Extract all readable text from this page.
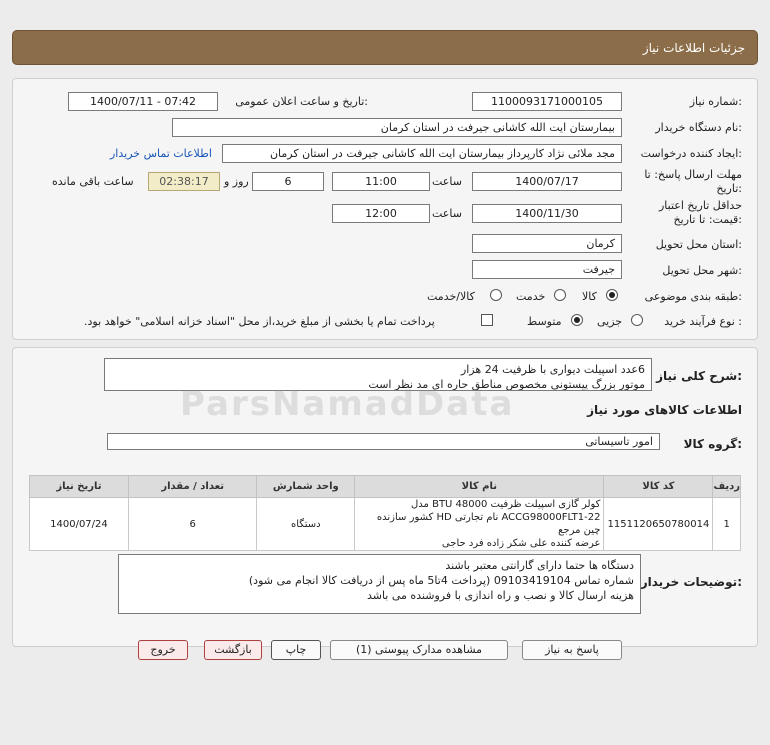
جزئیات اطلاعات نیاز
شماره نیاز:
1100093171000105
تاریخ و ساعت اعلان عمومی:
1400/07/11 - 07:42
نام دستگاه خریدار:
بیمارستان ایت الله کاشانی جیرفت در استان کرمان
ایجاد کننده درخواست:
مجد ملائی نژاد کارپرداز بیمارستان ایت الله کاشانی جیرفت در استان کرمان
اطلاعات تماس خریدار
مهلت ارسال پاسخ: تا
تاریخ:
1400/07/17
ساعت
11:00
6
روز و
02:38:17
ساعت باقی مانده
حداقل تاریخ اعتبار
قیمت: تا تاریخ:
1400/11/30
ساعت
12:00
استان محل تحویل:
کرمان
شهر محل تحویل:
جیرفت
طبقه بندی موضوعی:
کالا
خدمت
کالا/خدمت
نوع فرآیند خرید :
جزیی
متوسط
پرداخت تمام یا بخشی از مبلغ خرید،از محل "اسناد خزانه اسلامی" خواهد بود.
شرح کلی نیاز:
6عدد اسپیلت دیواری با ظرفیت 24 هزار
موتور بزرگ پیستونی مخصوص مناطق حاره ای مد نظر است
ParsNamadData	اطلاعات کالاهای مورد نیاز
گروه کالا:
امور تاسیساتی
ردیف	کد کالا	نام کالا	واحد شمارش	تعداد / مقدار	تاریخ نیاز
1	1151120650780014	کولر گازی اسپیلت ظرفیت BTU 48000 مدل
ACCG98000FLT1-22 نام تجارتی HD کشور سازنده چین مرجع
عرضه کننده علی شکر زاده فرد حاجی	دستگاه	6	1400/07/24
توضیحات خریدار:
دستگاه ها حتما دارای گارانتی معتبر باشند
شماره تماس 09103419104 (پرداخت 4تا5 ماه پس از دریافت کالا انجام می شود)
هزینه ارسال کالا و نصب و راه اندازی با فروشنده می باشد
پاسخ به نیاز
مشاهده مدارک پیوستی (1)
چاپ
بازگشت
خروج
